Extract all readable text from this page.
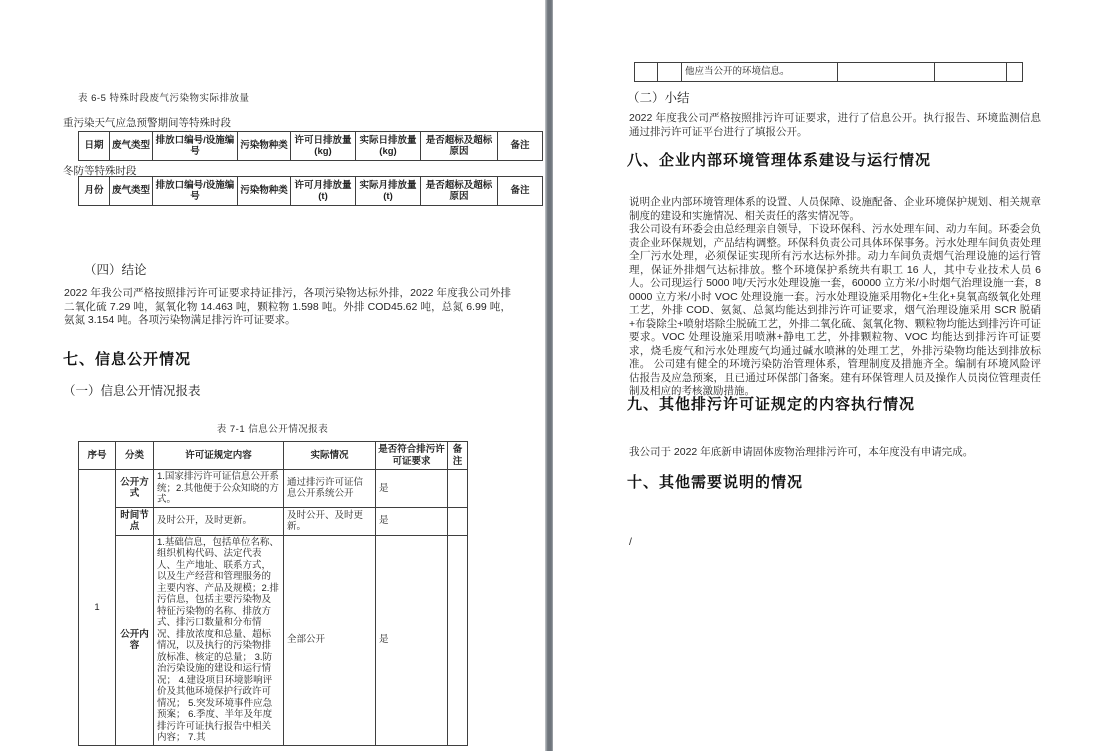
表 6-5 特殊时段废气污染物实际排放量
重污染天气应急预警期间等特殊时段
日期	废气类型	排放口编号/设施编号	污染物种类	许可日排放量(kg)	实际日排放量(kg)	是否超标及超标原因	备注
冬防等特殊时段
月份	废气类型	排放口编号/设施编号	污染物种类	许可月排放量(t)	实际月排放量(t)	是否超标及超标原因	备注
（四）结论
2022 年我公司严格按照排污许可证要求持证排污，各项污染物达标外排，2022 年度我公司外排二氧化硫 7.29 吨，氮氧化物 14.463 吨，颗粒物 1.598 吨。外排 COD45.62 吨，总氮 6.99 吨，氨氮 3.154 吨。各项污染物满足排污许可证要求。
七、信息公开情况
（一）信息公开情况报表
表 7-1 信息公开情况报表
序号	分类	许可证规定内容	实际情况	是否符合排污许可证要求	备注
1	公开方式	1.国家排污许可证信息公开系统；2.其他便于公众知晓的方式。	通过排污许可证信息公开系统公开	是	
	时间节点	及时公开，及时更新。	及时公开、及时更新。	是	
	公开内容	1.基础信息，包括单位名称、组织机构代码、法定代表人、生产地址、联系方式，以及生产经营和管理服务的主要内容、产品及规模；2.排污信息，包括主要污染物及特征污染物的名称、排放方式、排污口数量和分布情况、排放浓度和总量、超标情况，以及执行的污染物排放标准、核定的总量； 3.防治污染设施的建设和运行情况； 4.建设项目环境影响评价及其他环境保护行政许可情况； 5.突发环境事件应急预案； 6.季度、半年及年度排污许可证执行报告中相关内容； 7.其	全部公开	是	
		他应当公开的环境信息。			
（二）小结
2022 年度我公司严格按照排污许可证要求，进行了信息公开。执行报告、环境监测信息通过排污许可证平台进行了填报公开。
八、企业内部环境管理体系建设与运行情况

说明企业内部环境管理体系的设置、人员保障、设施配备、企业环境保护规划、相关规章制度的建设和实施情况、相关责任的落实情况等。

我公司设有环委会由总经理亲自领导，下设环保科、污水处理车间、动力车间。环委会负责企业环保规划，产品结构调整。环保科负责公司具体环保事务。污水处理车间负责处理全厂污水处理，必须保证实现所有污水达标外排。动力车间负责烟气治理设施的运行管理，保证外排烟气达标排放。整个环境保护系统共有职工 16 人，其中专业技术人员 6 人。公司现运行 5000 吨/天污水处理设施一套，60000 立方米/小时烟气治理设施一套，80000 立方米/小时 VOC 处理设施一套。污水处理设施采用物化+生化+臭氧高级氧化处理工艺，外排 COD、氨氮、总氮均能达到排污许可证要求，烟气治理设施采用 SCR 脱硝+布袋除尘+喷射塔除尘脱硫工艺，外排二氧化硫、氮氧化物、颗粒物均能达到排污许可证要求。VOC 处理设施采用喷淋+静电工艺，外排颗粒物、VOC 均能达到排污许可证要求，烧毛废气和污水处理废气均通过碱水喷淋的处理工艺，外排污染物均能达到排放标准。 公司建有健全的环境污染防治管理体系，管理制度及措施齐全。编制有环境风险评估报告及应急预案，且已通过环保部门备案。建有环保管理人员及操作人员岗位管理责任制及相应的考核激励措施。

九、其他排污许可证规定的内容执行情况
我公司于 2022 年底新申请固体废物治理排污许可，本年度没有申请完成。
十、其他需要说明的情况
/
